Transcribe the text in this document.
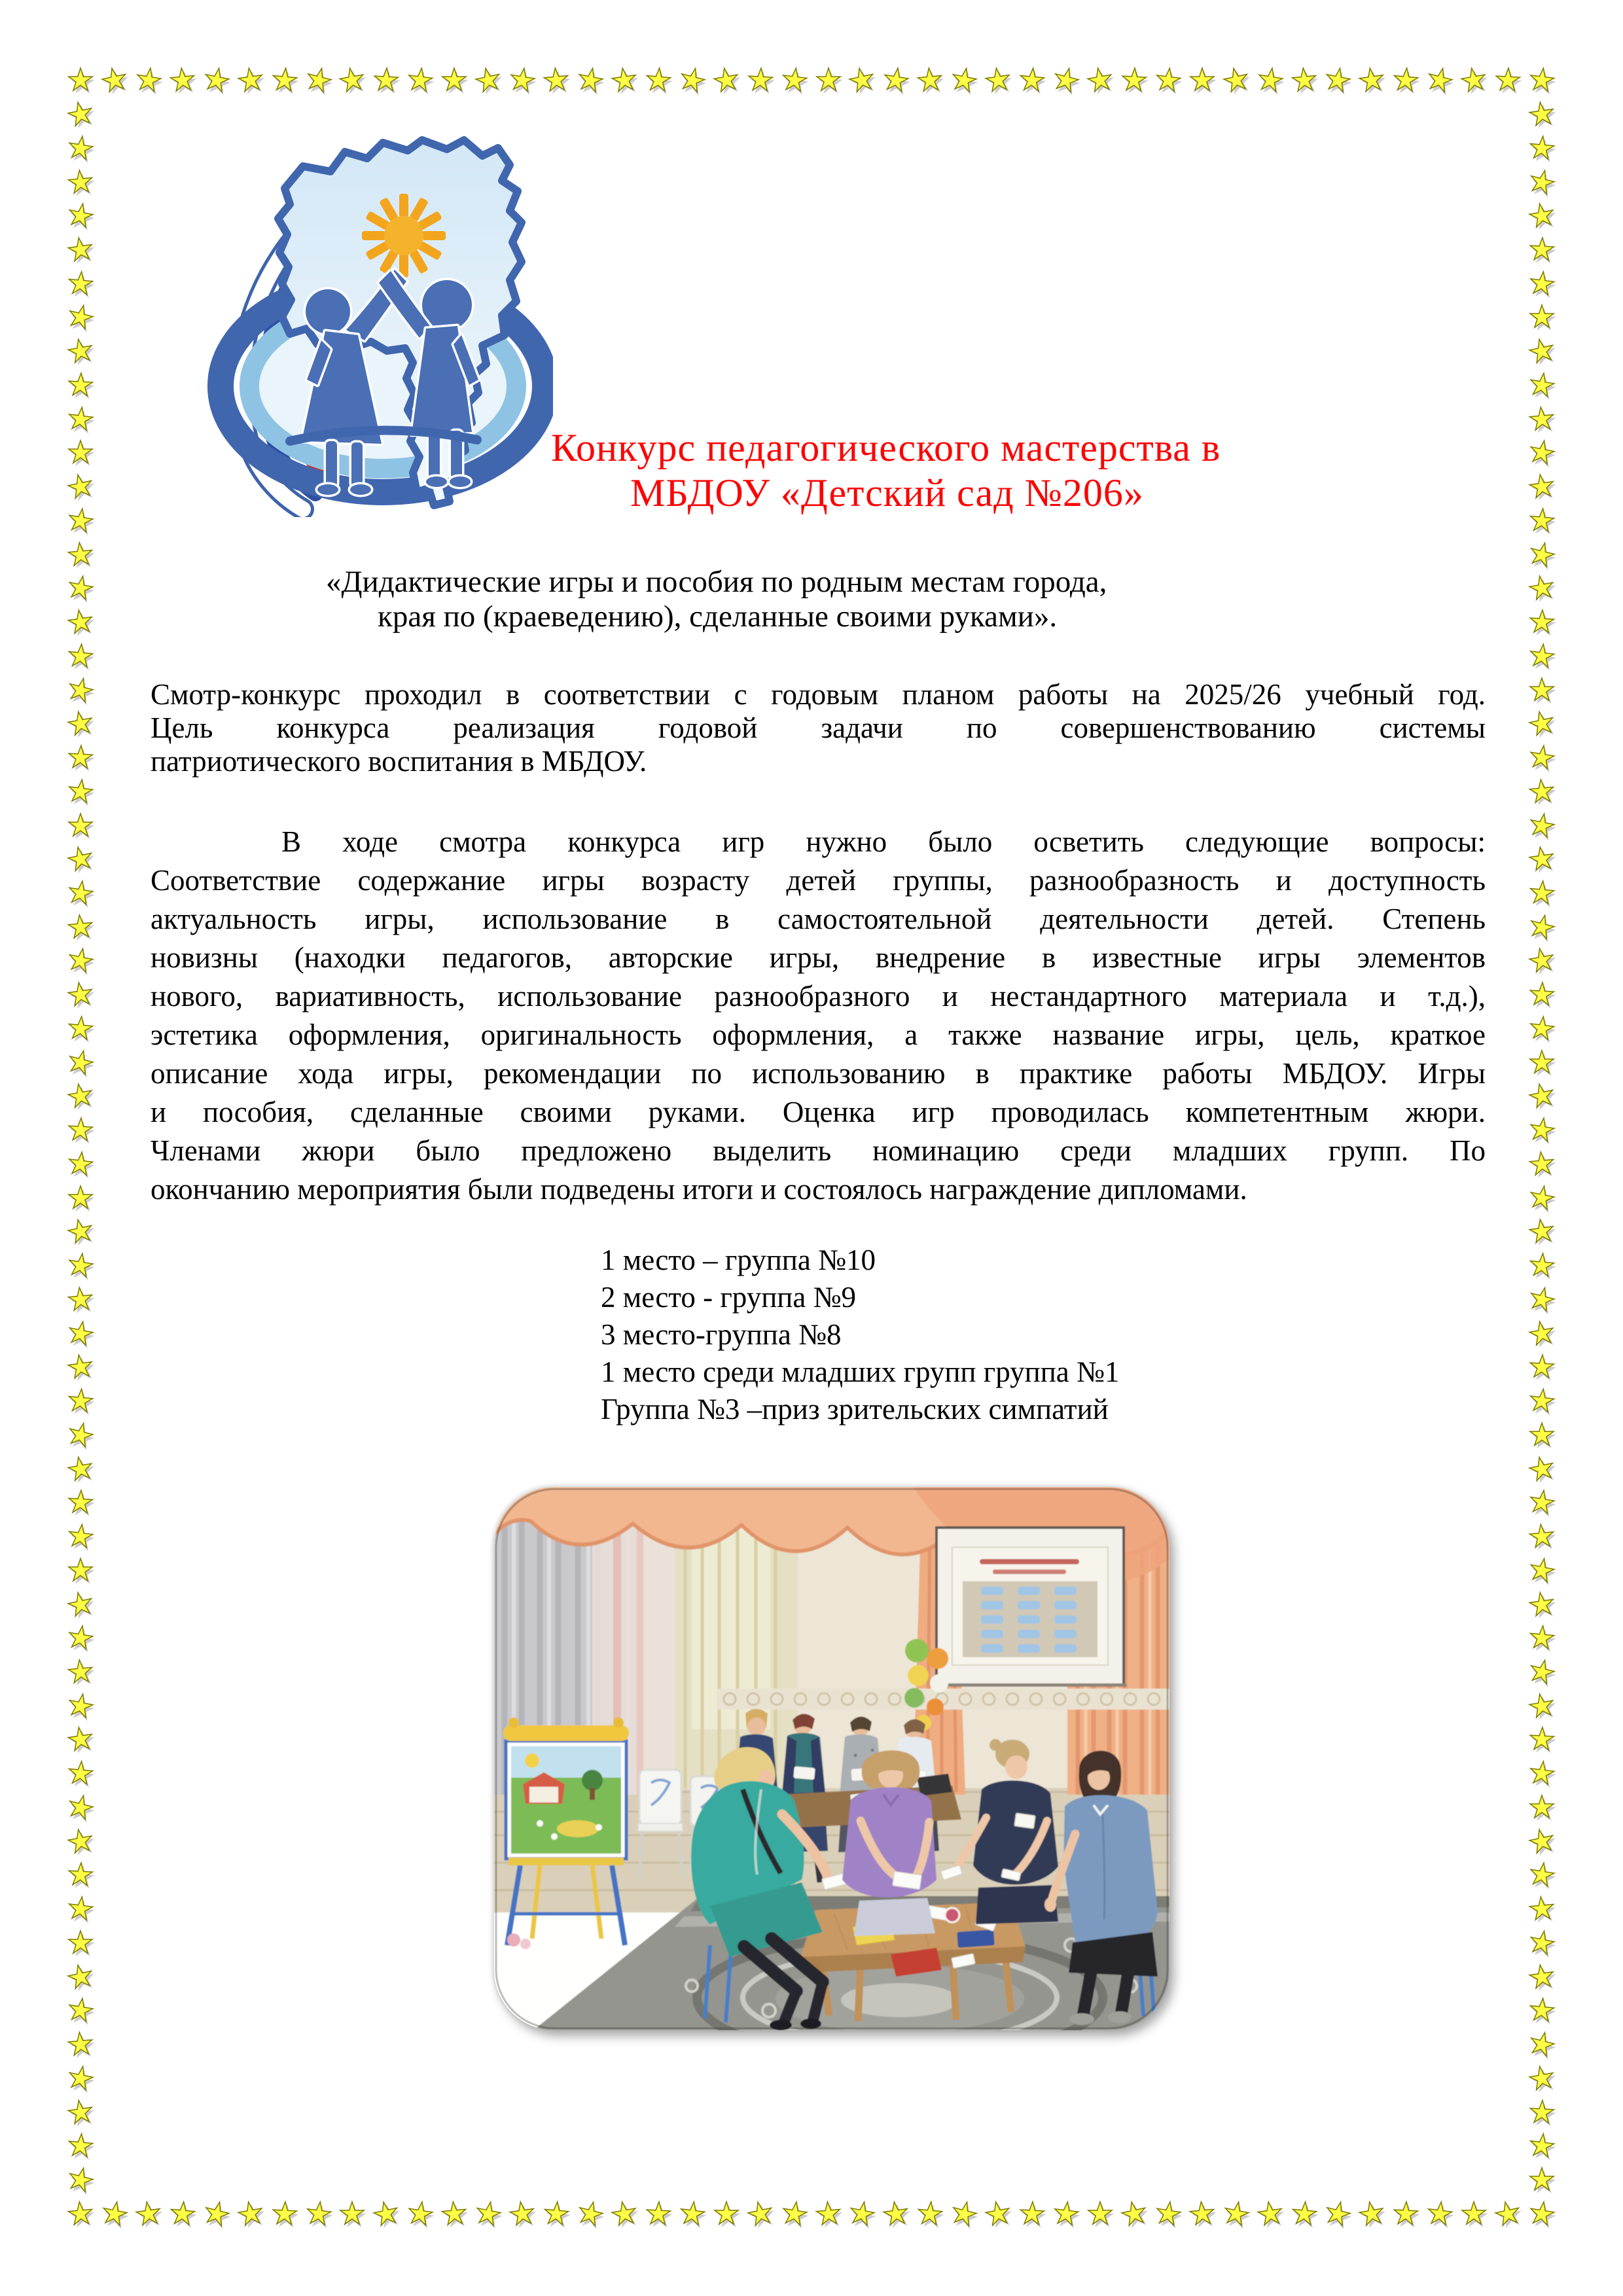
Конкурс педагогического мастерства в
МБДОУ «Детский сад №206»
«Дидактические игры и пособия по родным местам города,
края по (краеведению), сделанные своими руками».
Смотр-конкурс проходил в соответствии с годовым планом работы на 2025/26 учебный год.
Цель конкурса реализация годовой задачи по совершенствованию системы
патриотического воспитания в МБДОУ.
В ходе смотра конкурса игр нужно было осветить следующие вопросы:
Соответствие содержание игры возрасту детей группы, разнообразность и доступность
актуальность игры, использование в самостоятельной деятельности детей. Степень
новизны (находки педагогов, авторские игры, внедрение в известные игры элементов
нового, вариативность, использование разнообразного и нестандартного материала и т.д.),
эстетика оформления, оригинальность оформления, а также название игры, цель, краткое
описание хода игры, рекомендации по использованию в практике работы МБДОУ. Игры
и пособия, сделанные своими руками. Оценка игр проводилась компетентным жюри.
Членами жюри было предложено выделить номинацию среди младших групп. По
окончанию мероприятия были подведены итоги и состоялось награждение дипломами.
1 место – группа №10
2 место - группа №9
3 место-группа №8
1 место среди младших групп группа №1
Группа №3 –приз зрительских симпатий
